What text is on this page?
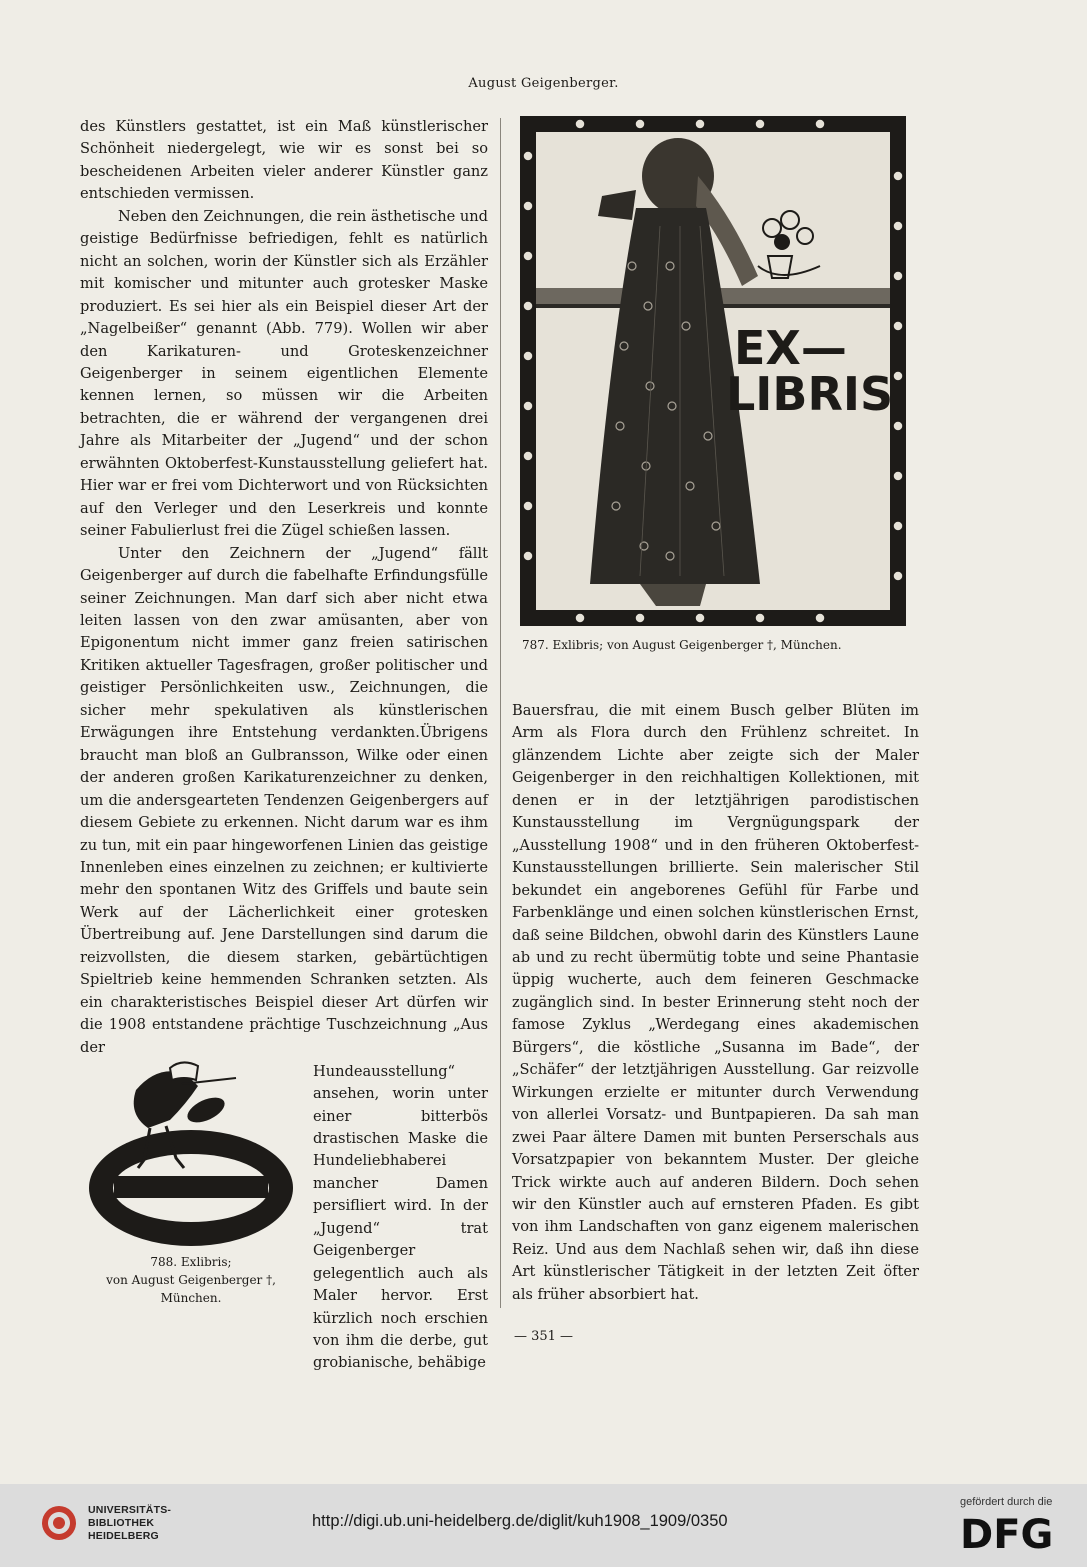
August Geigenberger.

des Künstlers gestattet, ist ein Maß künstlerischer Schönheit niedergelegt, wie wir es sonst bei so bescheidenen Arbeiten vieler anderer Künstler ganz entschieden vermissen.

Neben den Zeichnungen, die rein ästhetische und geistige Bedürfnisse befriedigen, fehlt es natürlich nicht an solchen, worin der Künstler sich als Erzähler mit komischer und mitunter auch grotesker Maske produziert. Es sei hier als ein Beispiel dieser Art der „Nagelbeißer“ genannt (Abb. 779). Wollen wir aber den Karikaturen- und Groteskenzeichner Geigenberger in seinem eigentlichen Elemente kennen lernen, so müssen wir die Arbeiten betrachten, die er während der vergangenen drei Jahre als Mitarbeiter der „Jugend“ und der schon erwähnten Oktoberfest-Kunstausstellung geliefert hat. Hier war er frei vom Dichterwort und von Rücksichten auf den Verleger und den Leserkreis und konnte seiner Fabulierlust frei die Zügel schießen lassen.

Unter den Zeichnern der „Jugend“ fällt Geigenberger auf durch die fabelhafte Erfindungsfülle seiner Zeichnungen. Man darf sich aber nicht etwa leiten lassen von den zwar amüsanten, aber von Epigonentum nicht immer ganz freien satirischen Kritiken aktueller Tagesfragen, großer politischer und geistiger Persönlichkeiten usw., Zeichnungen, die sicher mehr spekulativen als künstlerischen Erwägungen ihre Entstehung verdankten.Übrigens braucht man bloß an Gulbransson, Wilke oder einen der anderen großen Karikaturenzeichner zu denken, um die andersgearteten Tendenzen Geigenbergers auf diesem Gebiete zu erkennen. Nicht darum war es ihm zu tun, mit ein paar hingeworfenen Linien das geistige Innenleben eines einzelnen zu zeichnen; er kultivierte mehr den spontanen Witz des Griffels und baute sein Werk auf der Lächerlichkeit einer grotesken Übertreibung auf. Jene Darstellungen sind darum die reizvollsten, die diesem starken, gebärtüchtigen Spieltrieb keine hemmenden Schranken setzten. Als ein charakteristisches Beispiel dieser Art dürfen wir die 1908 entstandene prächtige Tuschzeichnung „Aus der

Hundeausstellung“ ansehen, worin unter einer bitterbös drastischen Maske die Hundeliebhaberei mancher Damen persifliert wird. In der „Jugend“ trat Geigenberger gelegentlich auch als Maler hervor. Erst kürzlich noch erschien von ihm die derbe, gut grobianische, behäbige

EX—
LIBRIS
787. Exlibris; von August Geigenberger †, München.
788. Exlibris;
von August Geigenberger †,
München.

Bauersfrau, die mit einem Busch gelber Blüten im Arm als Flora durch den Frühlenz schreitet. In glänzendem Lichte aber zeigte sich der Maler Geigenberger in den reichhaltigen Kollektionen, mit denen er in der letztjährigen parodistischen Kunstausstellung im Vergnügungspark der „Ausstellung 1908“ und in den früheren Oktoberfest-Kunstausstellungen brillierte. Sein malerischer Stil bekundet ein angeborenes Gefühl für Farbe und Farbenklänge und einen solchen künstlerischen Ernst, daß seine Bildchen, obwohl darin des Künstlers Laune ab und zu recht übermütig tobte und seine Phantasie üppig wucherte, auch dem feineren Geschmacke zugänglich sind. In bester Erinnerung steht noch der famose Zyklus „Werdegang eines akademischen Bürgers“, die köstliche „Susanna im Bade“, der „Schäfer“ der letztjährigen Ausstellung. Gar reizvolle Wirkungen erzielte er mitunter durch Verwendung von allerlei Vorsatz- und Buntpapieren. Da sah man zwei Paar ältere Damen mit bunten Perserschals aus Vorsatzpapier von bekanntem Muster. Der gleiche Trick wirkte auch auf anderen Bildern. Doch sehen wir den Künstler auch auf ernsteren Pfaden. Es gibt von ihm Landschaften von ganz eigenem malerischen Reiz. Und aus dem Nachlaß sehen wir, daß ihn diese Art künstlerischer Tätigkeit in der letzten Zeit öfter als früher absorbiert hat.

— 351 —
UNIVERSITÄTS-
BIBLIOTHEK
HEIDELBERG
http://digi.ub.uni-heidelberg.de/diglit/kuh1908_1909/0350
gefördert durch die
DFG
